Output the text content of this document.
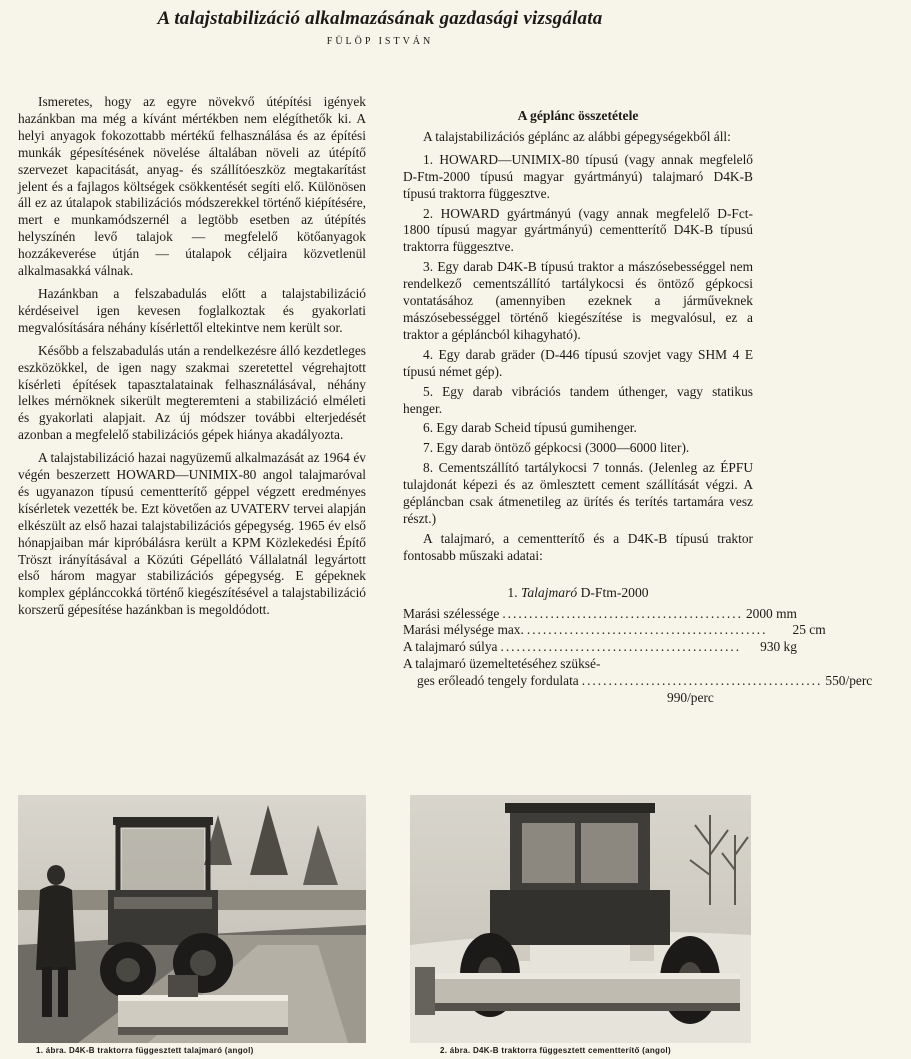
A talajstabilizáció alkalmazásának gazdasági vizsgálata
FÜLÖP ISTVÁN

Ismeretes, hogy az egyre növekvő útépítési igények hazánkban ma még a kívánt mértékben nem elégíthetők ki. A helyi anyagok fokozottabb mértékű felhasználása és az építési munkák gépesítésének növelése általában növeli az útépítő szervezet kapacitását, anyag- és szállítóeszköz megtakarítást jelent és a fajlagos költségek csökkentését segíti elő. Különösen áll ez az útalapok stabilizációs módszerekkel történő kiépítésére, mert e munkamódszernél a legtöbb esetben az útépítés helyszínén levő talajok — megfelelő kötőanyagok hozzákeverése útján — útalapok céljaira közvetlenül alkalmasakká válnak.

Hazánkban a felszabadulás előtt a talajstabilizáció kérdéseivel igen kevesen foglalkoztak és gyakorlati megvalósítására néhány kísérlettől eltekintve nem került sor.

Később a felszabadulás után a rendelkezésre álló kezdetleges eszközökkel, de igen nagy szakmai szeretettel végrehajtott kísérleti építések tapasztalatainak felhasználásával, néhány lelkes mérnöknek sikerült megteremteni a stabilizáció elméleti és gyakorlati alapjait. Az új módszer további elterjedését azonban a megfelelő stabilizációs gépek hiánya akadályozta.

A talajstabilizáció hazai nagyüzemű alkalmazását az 1964 év végén beszerzett HOWARD—UNIMIX-80 angol talajmaróval és ugyanazon típusú cementterítő géppel végzett eredményes kísérletek vezették be. Ezt követően az UVATERV tervei alapján elkészült az első hazai talajstabilizációs gépegység. 1965 év első hónapjaiban már kipróbálásra került a KPM Közlekedési Építő Tröszt irányításával a Közúti Gépellátó Vállalatnál legyártott első három magyar stabilizációs gépegység. E gépeknek komplex géplánccokká történő kiegészítésével a talajstabilizáció korszerű gépesítése hazánkban is megoldódott.

A géplánc összetétele

A talajstabilizációs géplánc az alábbi gépegységekből áll:

1. HOWARD—UNIMIX-80 típusú (vagy annak megfelelő D-Ftm-2000 típusú magyar gyártmányú) talajmaró D4K-B típusú traktorra függesztve.
2. HOWARD gyártmányú (vagy annak megfelelő D-Fct-1800 típusú magyar gyártmányú) cementterítő D4K-B típusú traktorra függesztve.
3. Egy darab D4K-B típusú traktor a mászósebességgel nem rendelkező cementszállító tartálykocsi és öntöző gépkocsi vontatásához (amennyiben ezeknek a járműveknek mászósebességgel történő kiegészítése is megvalósul, ez a traktor a gépláncból kihagyható).
4. Egy darab gräder (D-446 típusú szovjet vagy SHM 4 E típusú német gép).
5. Egy darab vibrációs tandem úthenger, vagy statikus henger.
6. Egy darab Scheid típusú gumihenger.
7. Egy darab öntöző gépkocsi (3000—6000 liter).
8. Cementszállító tartálykocsi 7 tonnás. (Jelenleg az ÉPFU tulajdonát képezi és az ömlesztett cement szállítását végzi. A gépláncban csak átmenetileg az ürítés és terítés tartamára vesz részt.)

A talajmaró, a cementterítő és a D4K-B típusú traktor fontosabb műszaki adatai:

1. Talajmaró D-Ftm-2000
Marási szélessége ............................................. 2000 mm
Marási mélysége max. .............................................	25 cm
A talajmaró súlya .............................................	930 kg
A talajmaró üzemeltetéséhez szüksé-
ges erőleadó tengely fordulata ............................................. 550/perc
990/perc
1. ábra. D4K-B traktorra függesztett talajmaró (angol)	2. ábra. D4K-B traktorra függesztett cementterítő (angol)
